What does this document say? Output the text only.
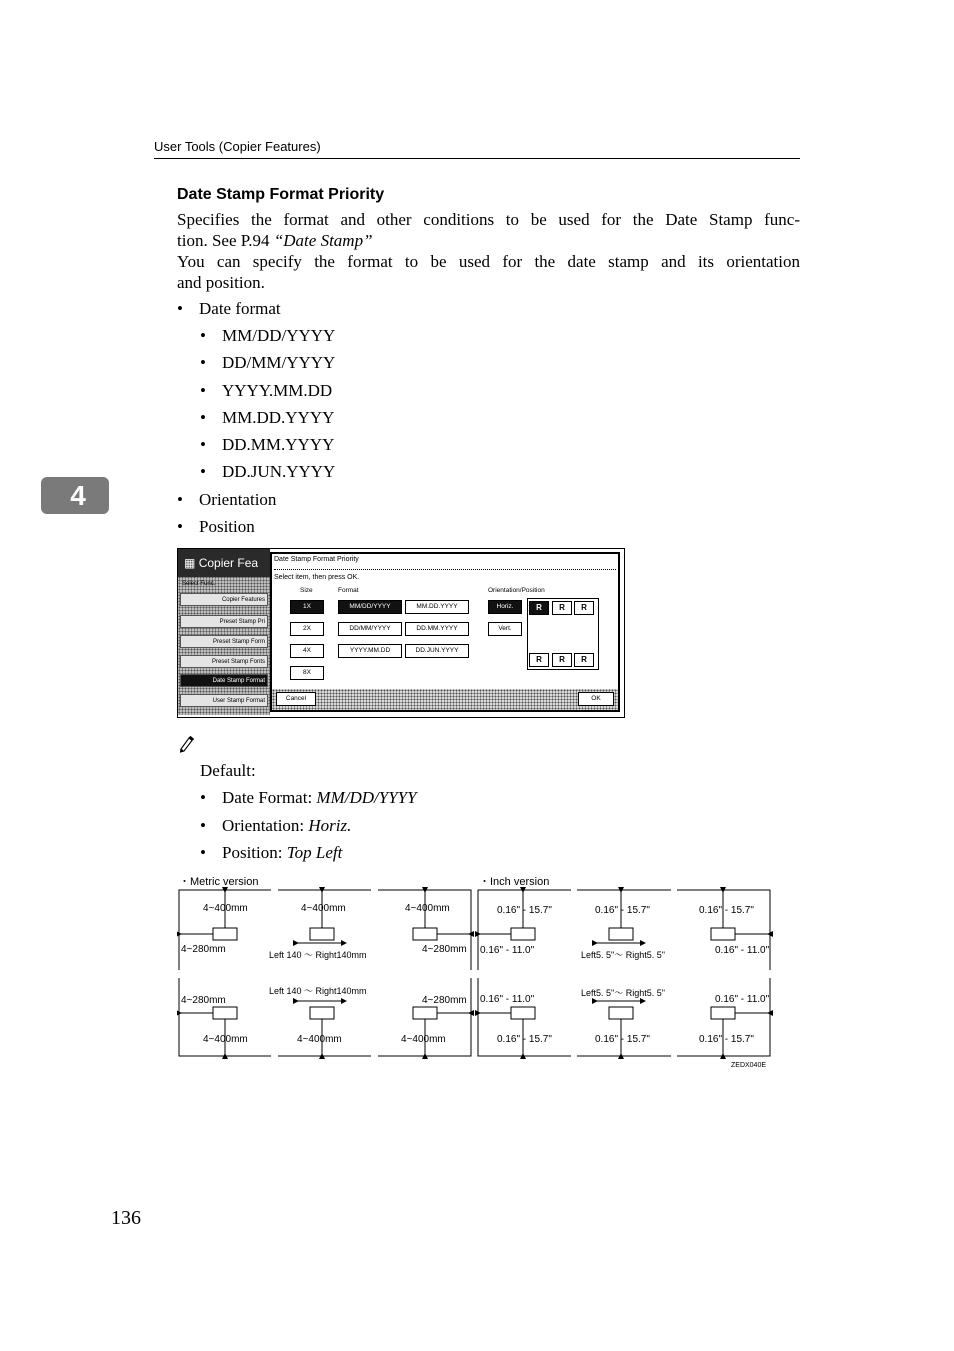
User Tools (Copier Features)
4
Date Stamp Format Priority
Specifies the format and other conditions to be used for the Date Stamp func-
tion. See P.94 “Date Stamp”
You can specify the format to be used for the date stamp and its orientation
and position.
• Date format
• MM/DD/YYYY
• DD/MM/YYYY
• YYYY.MM.DD
• MM.DD.YYYY
• DD.MM.YYYY
• DD.JUN.YYYY
• Orientation
• Position
▦ Copier Fea
Select Func.
Copier Features
Preset Stamp Pri
Preset Stamp Form
Preset Stamp Fonts
Date Stamp Format
User Stamp Format
Date Stamp Format Priority
Select item, then press OK.
Size	Format	Orientation/Position
1X
2X
4X
8X
MM/DD/YYYY	MM.DD.YYYY
DD/MM/YYYY	DD.MM.YYYY
YYYY.MM.DD	DD.JUN.YYYY
Horiz.
Vert.
R	R	R
R	R	R
Cancel	OK
Default:
• Date Format: MM/DD/YYYY
• Orientation: Horiz.
• Position: Top Left
・Metric version	・Inch version
4~400mm
4~280mm
4~400mm
Left 140 〜 Right140mm
4~400mm
4~280mm
4~280mm
4~400mm
Left 140 〜 Right140mm
4~400mm
4~280mm
4~400mm
0.16" - 15.7"
0.16" - 11.0"
0.16" - 15.7"
Left5. 5"〜 Right5. 5"
0.16" - 15.7"
0.16" - 11.0"
0.16" - 11.0"
0.16" - 15.7"
Left5. 5"〜 Right5. 5"
0.16" - 15.7"
0.16" - 11.0"
0.16" - 15.7"
ZEDX040E
136
